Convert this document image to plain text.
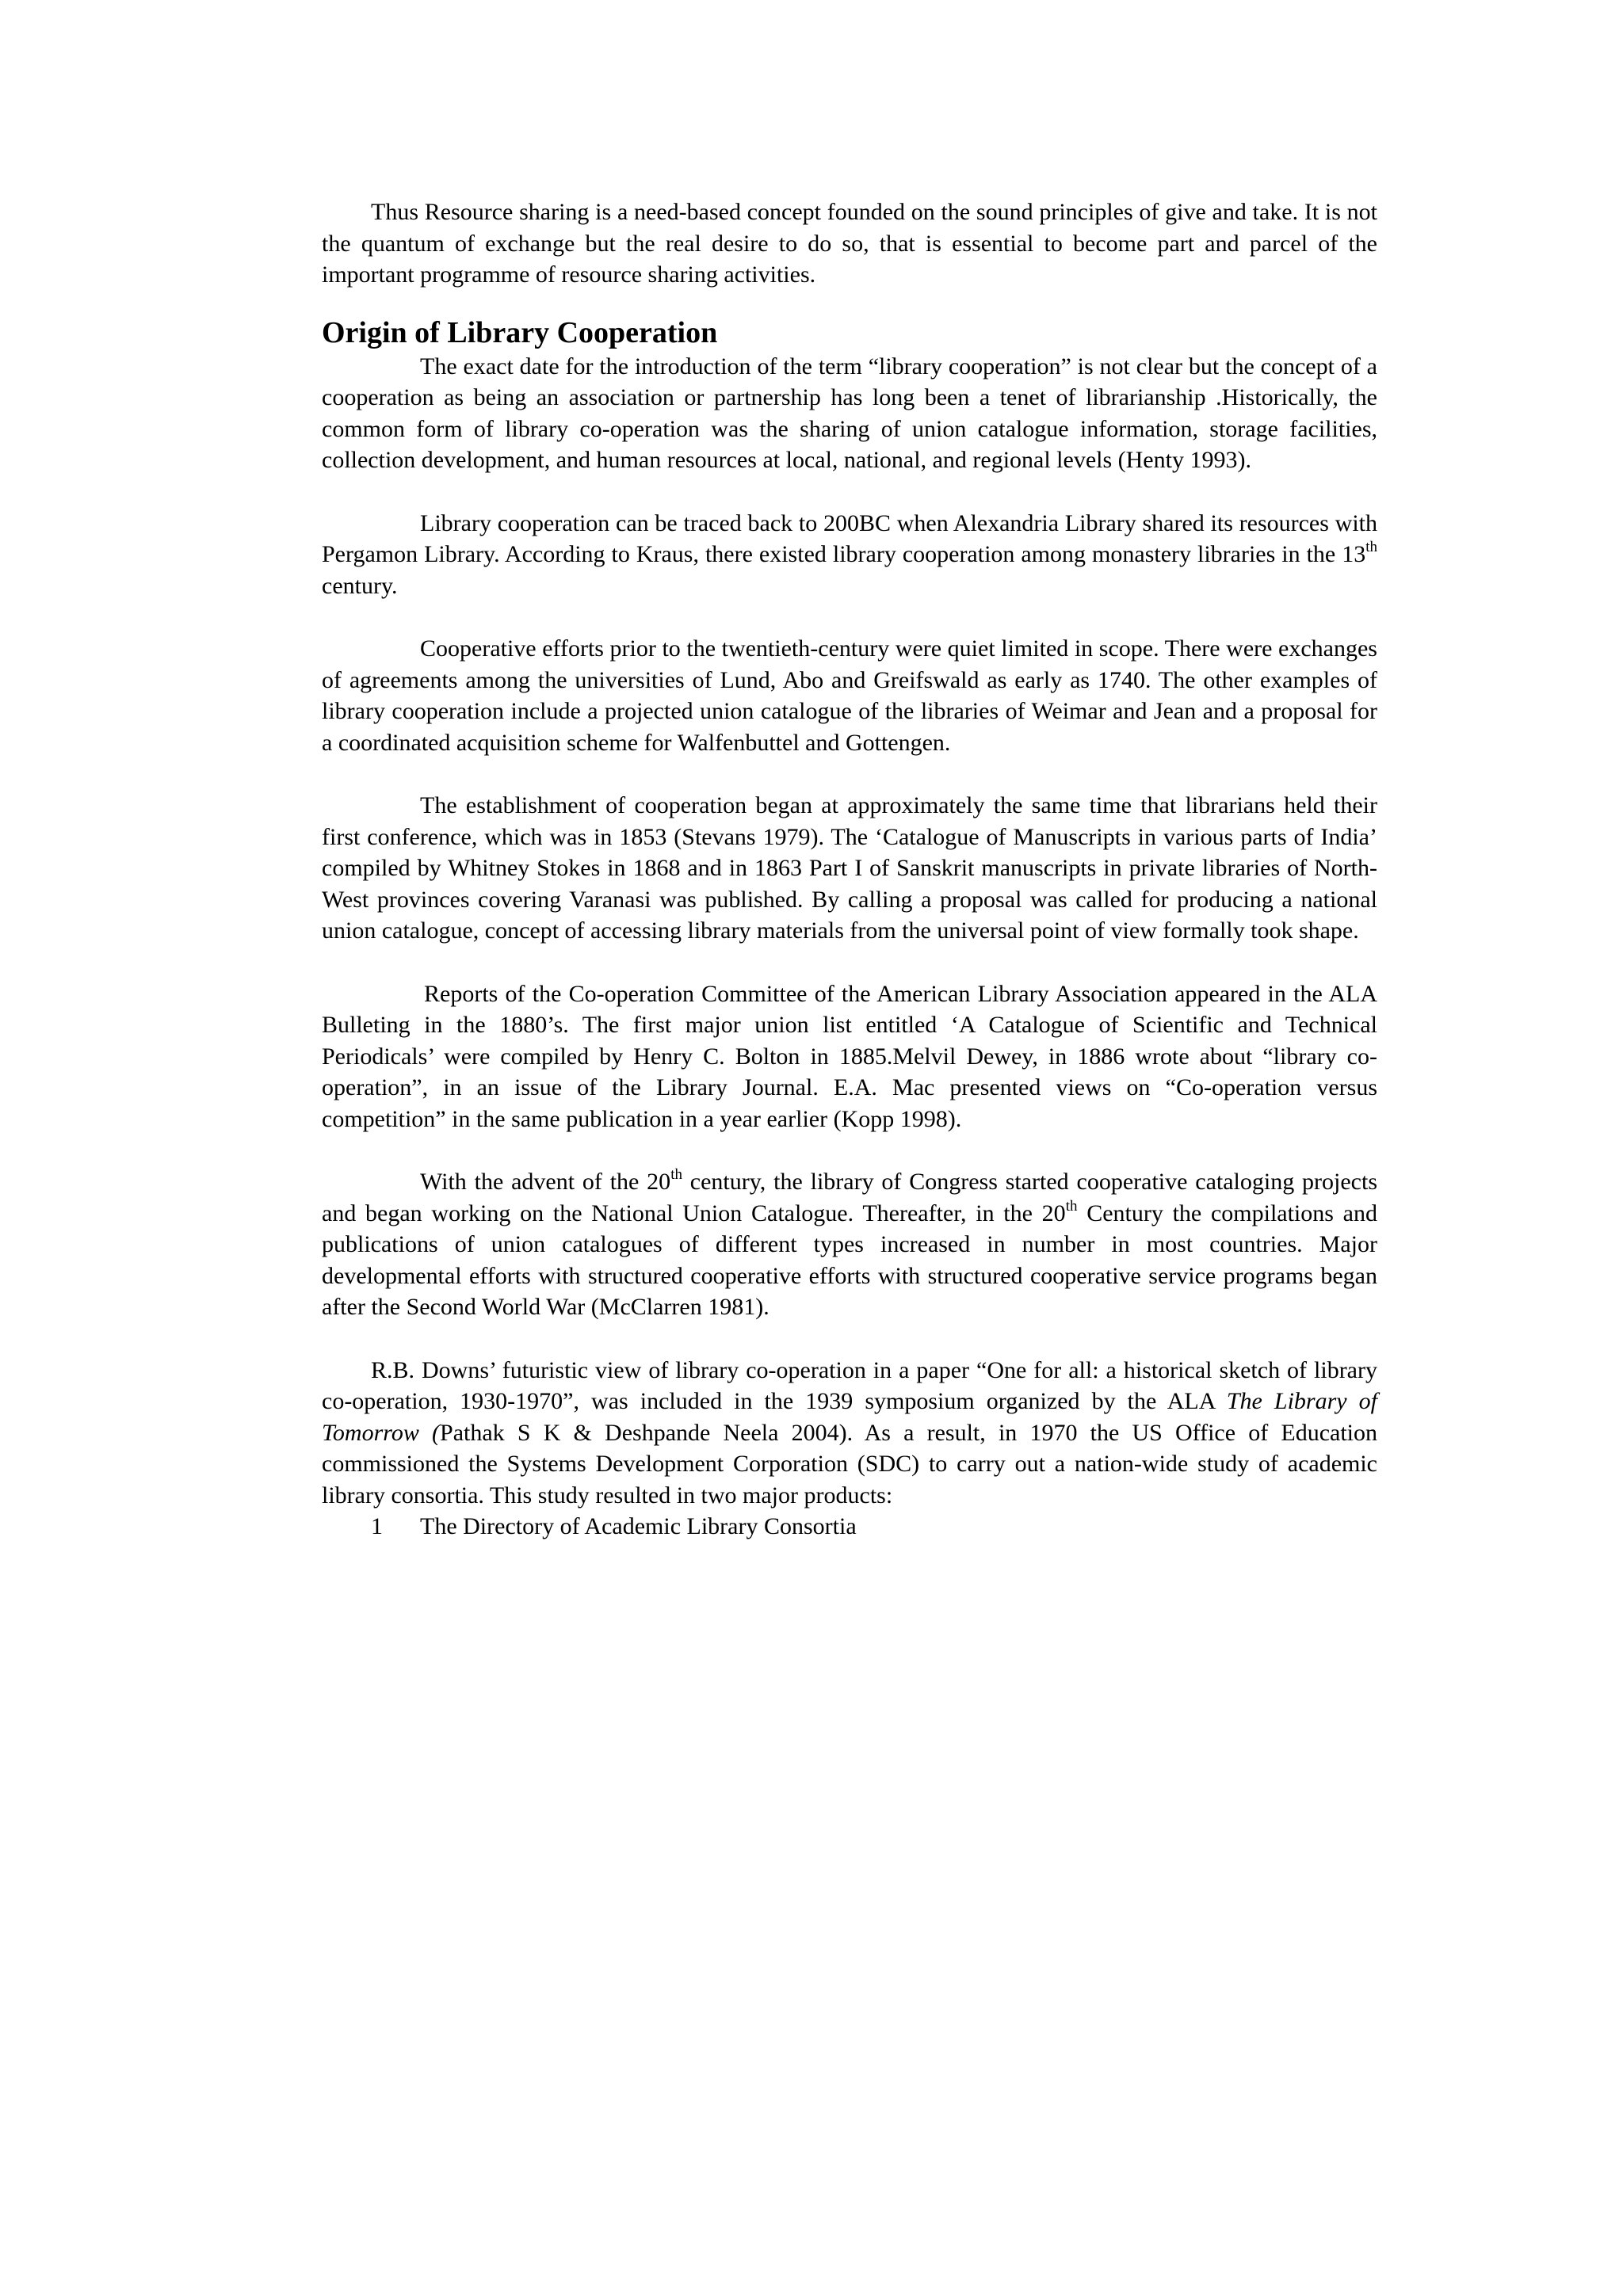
Thus Resource sharing is a need-based concept founded on the sound principles of give and take. It is not the quantum of exchange but the real desire to do so, that is essential to become part and parcel of the important programme of resource sharing activities.

Origin of Library Cooperation

The exact date for the introduction of the term “library cooperation” is not clear but the concept of a cooperation as being an association or partnership has long been a tenet of librarianship .Historically, the common form of library co-operation was the sharing of union catalogue information, storage facilities, collection development, and human resources at local, national, and regional levels (Henty 1993).

Library cooperation can be traced back to 200BC when Alexandria Library shared its resources with Pergamon Library. According to Kraus, there existed library cooperation among monastery libraries in the 13th century.

Cooperative efforts prior to the twentieth-century were quiet limited in scope. There were exchanges of agreements among the universities of Lund, Abo and Greifswald as early as 1740. The other examples of library cooperation include a projected union catalogue of the libraries of Weimar and Jean and a proposal for a coordinated acquisition scheme for Walfenbuttel and Gottengen.

The establishment of cooperation began at approximately the same time that librarians held their first conference, which was in 1853 (Stevans 1979). The ‘Catalogue of Manuscripts in various parts of India’ compiled by Whitney Stokes in 1868 and in 1863 Part I of Sanskrit manuscripts in private libraries of North-West provinces covering Varanasi was published. By calling a proposal was called for producing a national union catalogue, concept of accessing library materials from the universal point of view formally took shape.

Reports of the Co-operation Committee of the American Library Association appeared in the ALA Bulleting in the 1880’s. The first major union list entitled ‘A Catalogue of Scientific and Technical Periodicals’ were compiled by Henry C. Bolton in 1885.Melvil Dewey, in 1886 wrote about “library co-operation”, in an issue of the Library Journal. E.A. Mac presented views on “Co-operation versus competition” in the same publication in a year earlier (Kopp 1998).

With the advent of the 20th century, the library of Congress started cooperative cataloging projects and began working on the National Union Catalogue. Thereafter, in the 20th Century the compilations and publications of union catalogues of different types increased in number in most countries. Major developmental efforts with structured cooperative efforts with structured cooperative service programs began after the Second World War (McClarren 1981).

R.B. Downs’ futuristic view of library co-operation in a paper “One for all: a historical sketch of library co-operation, 1930-1970”, was included in the 1939 symposium organized by the ALA The Library of Tomorrow (Pathak S K & Deshpande Neela 2004). As a result, in 1970 the US Office of Education commissioned the Systems Development Corporation (SDC) to carry out a nation-wide study of academic library consortia. This study resulted in two major products:

1	The Directory of Academic Library Consortia
